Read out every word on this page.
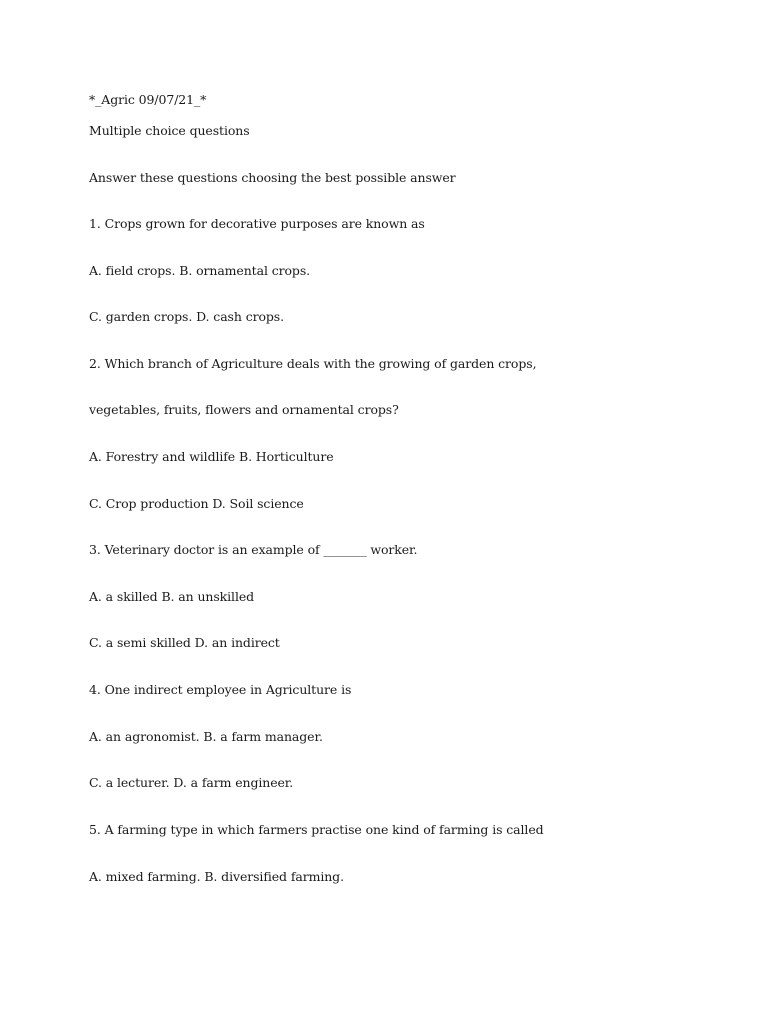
*_Agric 09/07/21_*

Multiple choice questions

Answer these questions choosing the best possible answer

1. Crops grown for decorative purposes are known as

A. field crops. B. ornamental crops.

C. garden crops. D. cash crops.

2. Which branch of Agriculture deals with the growing of garden crops,

vegetables, fruits, flowers and ornamental crops?

A. Forestry and wildlife B. Horticulture

C. Crop production D. Soil science

3. Veterinary doctor is an example of _______ worker.

A. a skilled B. an unskilled

C. a semi skilled D. an indirect

4. One indirect employee in Agriculture is

A. an agronomist. B. a farm manager.

C. a lecturer. D. a farm engineer.

5. A farming type in which farmers practise one kind of farming is called

A. mixed farming. B. diversified farming.
